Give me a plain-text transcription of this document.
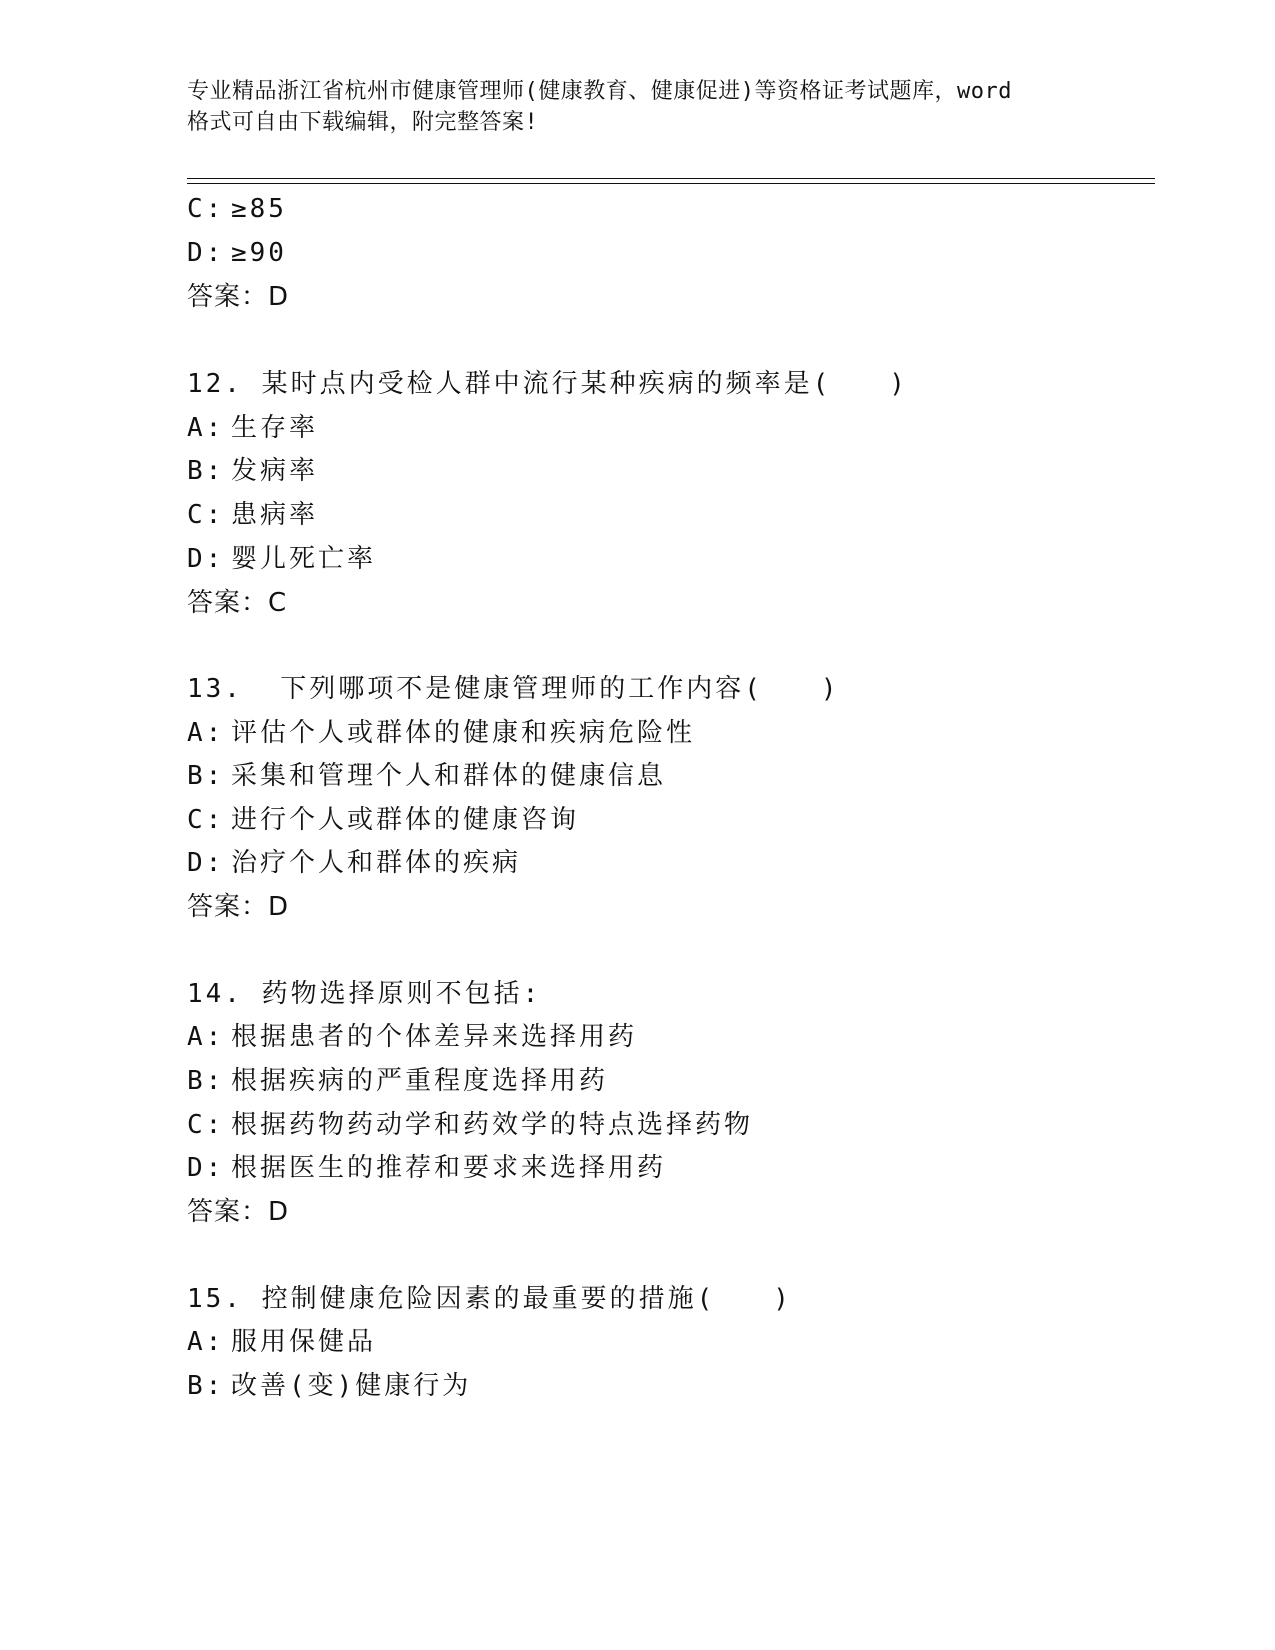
专业精品浙江省杭州市健康管理师(健康教育、健康促进)等资格证考试题库，word
格式可自由下载编辑，附完整答案!
C: ≥85
D: ≥90
答案：D
12. 某时点内受检人群中流行某种疾病的频率是(　　)
A: 生存率
B: 发病率
C: 患病率
D: 婴儿死亡率
答案：C
13.  下列哪项不是健康管理师的工作内容(　　)
A: 评估个人或群体的健康和疾病危险性
B: 采集和管理个人和群体的健康信息
C: 进行个人或群体的健康咨询
D: 治疗个人和群体的疾病
答案：D
14. 药物选择原则不包括:
A: 根据患者的个体差异来选择用药
B: 根据疾病的严重程度选择用药
C: 根据药物药动学和药效学的特点选择药物
D: 根据医生的推荐和要求来选择用药
答案：D
15. 控制健康危险因素的最重要的措施(　　)
A: 服用保健品
B: 改善(变)健康行为
